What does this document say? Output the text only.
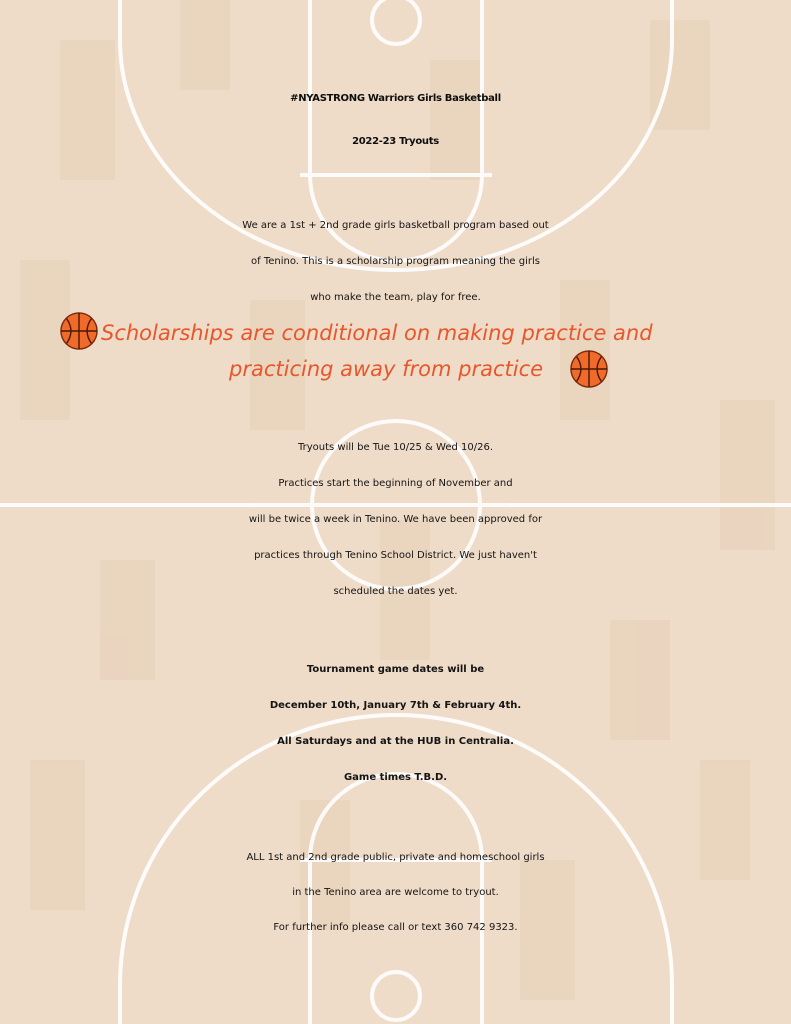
#NYASTRONG Warriors Girls Basketball
2022-23 Tryouts
We are a 1st + 2nd grade girls basketball program based out
of Tenino. This is a scholarship program meaning the girls
who make the team, play for free.
Scholarships are conditional on making practice and
practicing away from practice
Tryouts will be Tue 10/25 & Wed 10/26.
Practices start the beginning of November and
will be twice a week in Tenino. We have been approved for
practices through Tenino School District. We just haven't
scheduled the dates yet.
Tournament game dates will be
December 10th, January 7th & February 4th.
All Saturdays and at the HUB in Centralia.
Game times T.B.D.
ALL 1st and 2nd grade public, private and homeschool girls
in the Tenino area are welcome to tryout.
For further info please call or text 360 742 9323.
